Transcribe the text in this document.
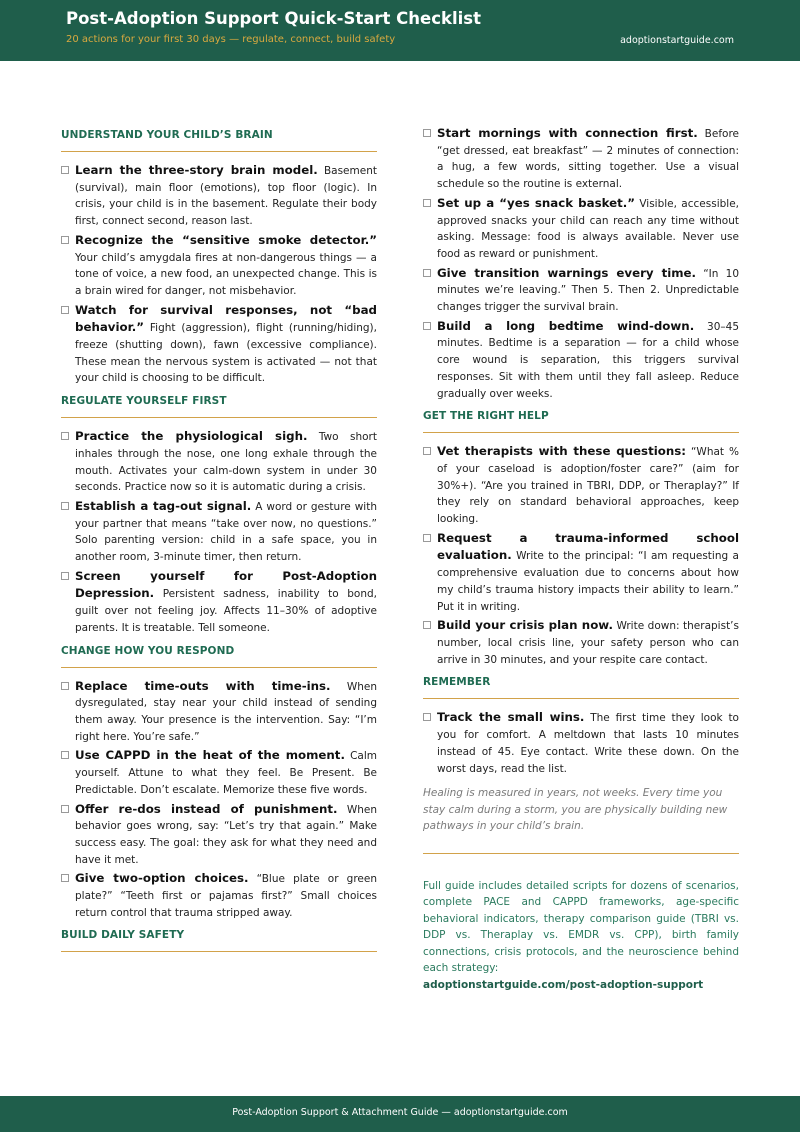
Post-Adoption Support Quick-Start Checklist
20 actions for your first 30 days — regulate, connect, build safety	adoptionstartguide.com
UNDERSTAND YOUR CHILD’S BRAIN
Learn the three-story brain model. Basement (survival), main floor (emotions), top floor (logic). In crisis, your child is in the basement. Regulate their body first, connect second, reason last.
Recognize the “sensitive smoke detector.” Your child’s amygdala fires at non-dangerous things — a tone of voice, a new food, an unexpected change. This is a brain wired for danger, not misbehavior.
Watch for survival responses, not “bad behavior.” Fight (aggression), flight (running/hiding), freeze (shutting down), fawn (excessive compliance). These mean the nervous system is activated — not that your child is choosing to be difficult.
REGULATE YOURSELF FIRST
Practice the physiological sigh. Two short inhales through the nose, one long exhale through the mouth. Activates your calm-down system in under 30 seconds. Practice now so it is automatic during a crisis.
Establish a tag-out signal. A word or gesture with your partner that means “take over now, no questions.” Solo parenting version: child in a safe space, you in another room, 3-minute timer, then return.
Screen yourself for Post-Adoption Depression. Persistent sadness, inability to bond, guilt over not feeling joy. Affects 11–30% of adoptive parents. It is treatable. Tell someone.
CHANGE HOW YOU RESPOND
Replace time-outs with time-ins. When dysregulated, stay near your child instead of sending them away. Your presence is the intervention. Say: “I’m right here. You’re safe.”
Use CAPPD in the heat of the moment. Calm yourself. Attune to what they feel. Be Present. Be Predictable. Don’t escalate. Memorize these five words.
Offer re-dos instead of punishment. When behavior goes wrong, say: “Let’s try that again.” Make success easy. The goal: they ask for what they need and have it met.
Give two-option choices. “Blue plate or green plate?” “Teeth first or pajamas first?” Small choices return control that trauma stripped away.
BUILD DAILY SAFETY
Start mornings with connection first. Before “get dressed, eat breakfast” — 2 minutes of connection: a hug, a few words, sitting together. Use a visual schedule so the routine is external.
Set up a “yes snack basket.” Visible, accessible, approved snacks your child can reach any time without asking. Message: food is always available. Never use food as reward or punishment.
Give transition warnings every time. “In 10 minutes we’re leaving.” Then 5. Then 2. Unpredictable changes trigger the survival brain.
Build a long bedtime wind-down. 30–45 minutes. Bedtime is a separation — for a child whose core wound is separation, this triggers survival responses. Sit with them until they fall asleep. Reduce gradually over weeks.
GET THE RIGHT HELP
Vet therapists with these questions: “What % of your caseload is adoption/foster care?” (aim for 30%+). “Are you trained in TBRI, DDP, or Theraplay?” If they rely on standard behavioral approaches, keep looking.
Request a trauma-informed school evaluation. Write to the principal: “I am requesting a comprehensive evaluation due to concerns about how my child’s trauma history impacts their ability to learn.” Put it in writing.
Build your crisis plan now. Write down: therapist’s number, local crisis line, your safety person who can arrive in 30 minutes, and your respite care contact.
REMEMBER
Track the small wins. The first time they look to you for comfort. A meltdown that lasts 10 minutes instead of 45. Eye contact. Write these down. On the worst days, read the list.
Healing is measured in years, not weeks. Every time you stay calm during a storm, you are physically building new pathways in your child’s brain.
Full guide includes detailed scripts for dozens of scenarios, complete PACE and CAPPD frameworks, age-specific behavioral indicators, therapy comparison guide (TBRI vs. DDP vs. Theraplay vs. EMDR vs. CPP), birth family connections, crisis protocols, and the neuroscience behind each strategy:
adoptionstartguide.com/post-adoption-support
Post-Adoption Support & Attachment Guide — adoptionstartguide.com
